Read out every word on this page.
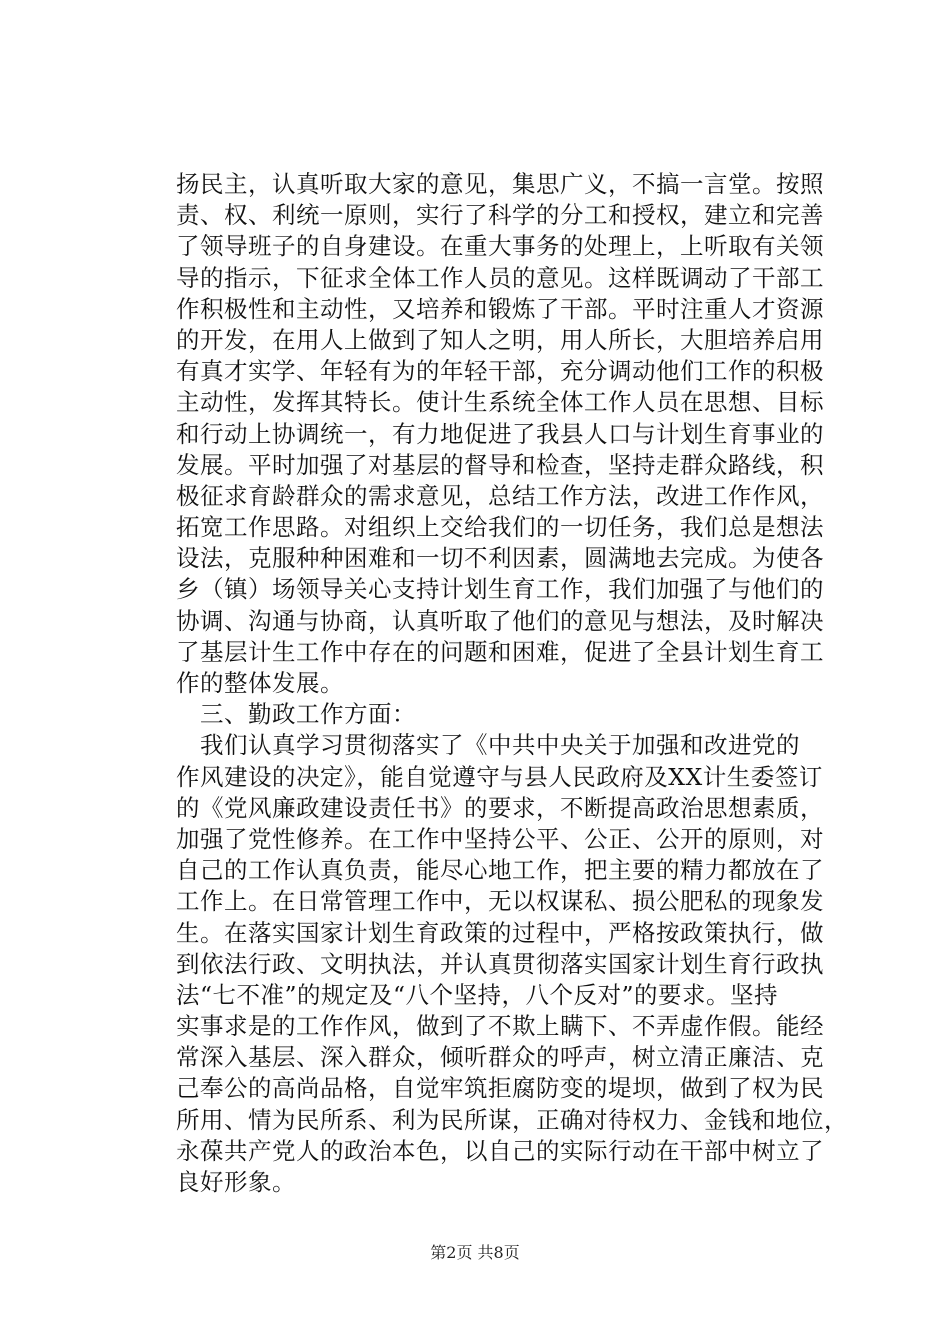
扬民主，认真听取大家的意见，集思广义，不搞一言堂。按照
责、权、利统一原则，实行了科学的分工和授权，建立和完善
了领导班子的自身建设。在重大事务的处理上，上听取有关领
导的指示，下征求全体工作人员的意见。这样既调动了干部工
作积极性和主动性，又培养和锻炼了干部。平时注重人才资源
的开发，在用人上做到了知人之明，用人所长，大胆培养启用
有真才实学、年轻有为的年轻干部，充分调动他们工作的积极
主动性，发挥其特长。使计生系统全体工作人员在思想、目标
和行动上协调统一，有力地促进了我县人口与计划生育事业的
发展。平时加强了对基层的督导和检查，坚持走群众路线，积
极征求育龄群众的需求意见，总结工作方法，改进工作作风，
拓宽工作思路。对组织上交给我们的一切任务，我们总是想法
设法，克服种种困难和一切不利因素，圆满地去完成。为使各
乡（镇）场领导关心支持计划生育工作，我们加强了与他们的
协调、沟通与协商，认真听取了他们的意见与想法，及时解决
了基层计生工作中存在的问题和困难，促进了全县计划生育工
作的整体发展。
　三、勤政工作方面：
　我们认真学习贯彻落实了《中共中央关于加强和改进党的
作风建设的决定》，能自觉遵守与县人民政府及XX计生委签订
的《党风廉政建设责任书》的要求，不断提高政治思想素质，
加强了党性修养。在工作中坚持公平、公正、公开的原则，对
自己的工作认真负责，能尽心地工作，把主要的精力都放在了
工作上。在日常管理工作中，无以权谋私、损公肥私的现象发
生。在落实国家计划生育政策的过程中，严格按政策执行，做
到依法行政、文明执法，并认真贯彻落实国家计划生育行政执
法“七不准”的规定及“八个坚持，八个反对”的要求。坚持
实事求是的工作作风，做到了不欺上瞒下、不弄虚作假。能经
常深入基层、深入群众，倾听群众的呼声，树立清正廉洁、克
己奉公的高尚品格，自觉牢筑拒腐防变的堤坝，做到了权为民
所用、情为民所系、利为民所谋，正确对待权力、金钱和地位，
永葆共产党人的政治本色，以自己的实际行动在干部中树立了
良好形象。
第2页 共8页
